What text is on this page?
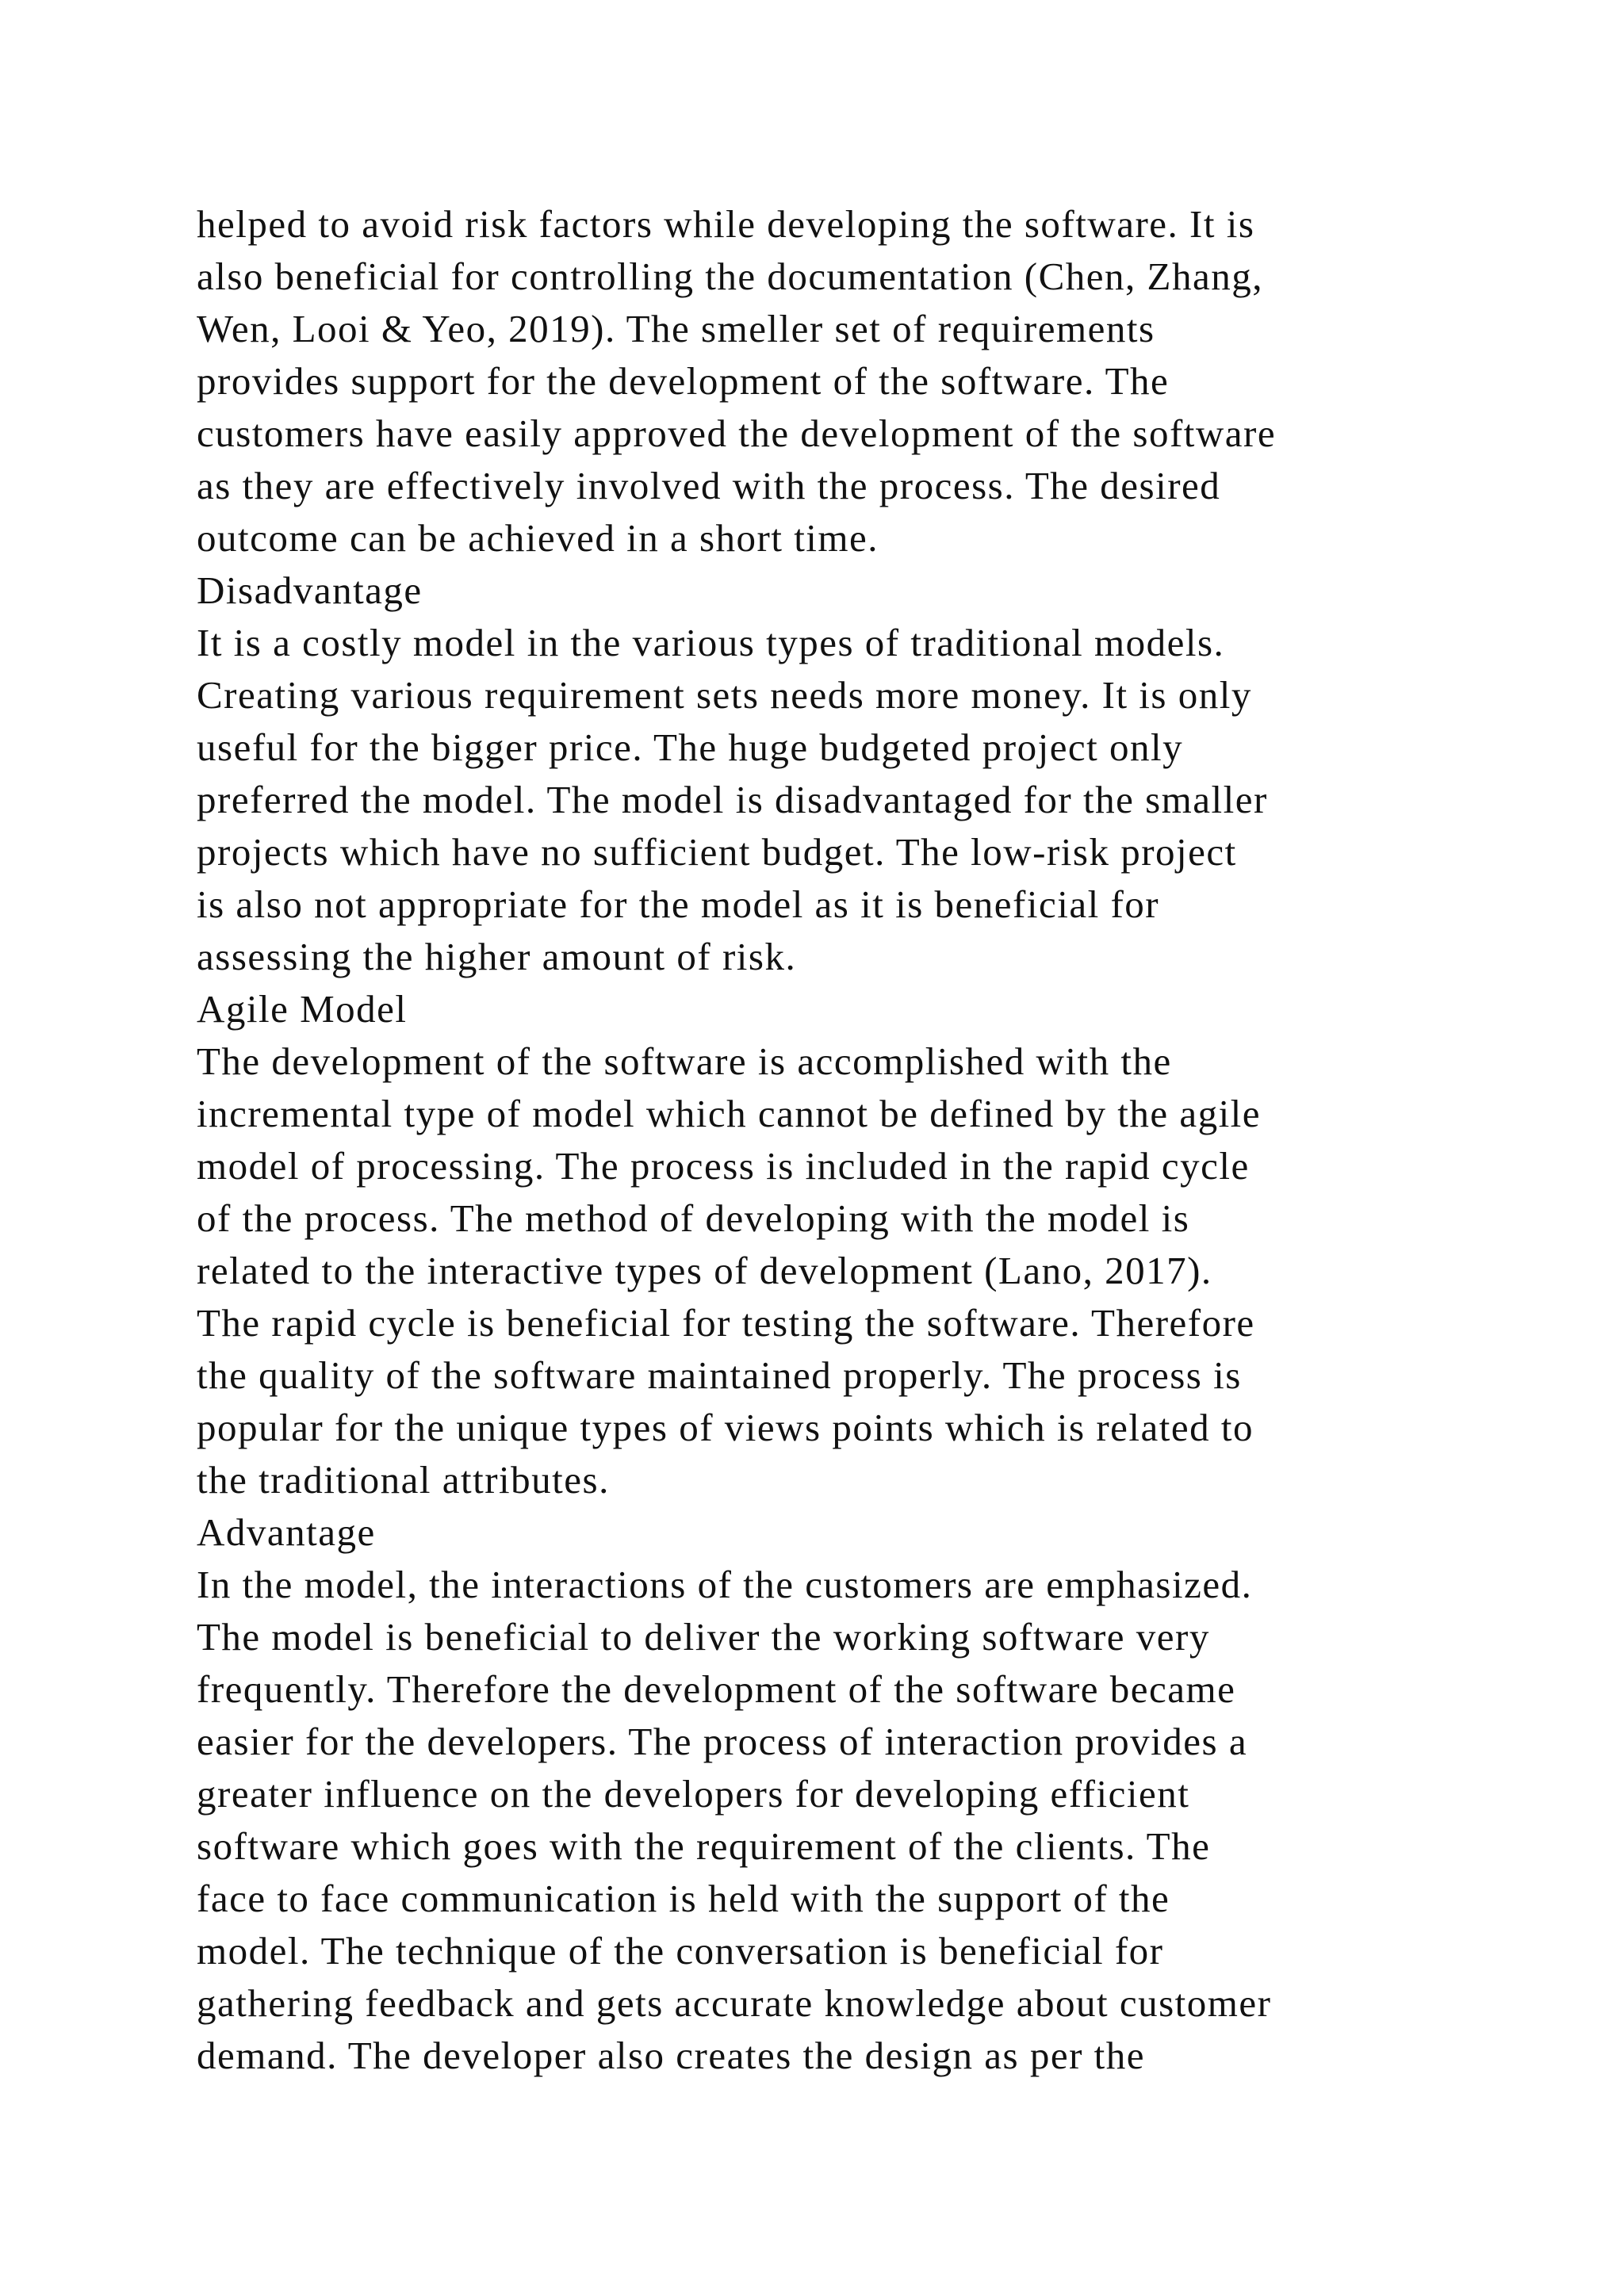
helped to avoid risk factors while developing the software. It is
also beneficial for controlling the documentation (Chen, Zhang,
Wen, Looi & Yeo, 2019). The smeller set of requirements
provides support for the development of the software. The
customers have easily approved the development of the software
as they are effectively involved with the process. The desired
outcome can be achieved in a short time.
Disadvantage
It is a costly model in the various types of traditional models.
Creating various requirement sets needs more money. It is only
useful for the bigger price. The huge budgeted project only
preferred the model. The model is disadvantaged for the smaller
projects which have no sufficient budget. The low-risk project
is also not appropriate for the model as it is beneficial for
assessing the higher amount of risk.
Agile Model
The development of the software is accomplished with the
incremental type of model which cannot be defined by the agile
model of processing. The process is included in the rapid cycle
of the process. The method of developing with the model is
related to the interactive types of development (Lano, 2017).
The rapid cycle is beneficial for testing the software. Therefore
the quality of the software maintained properly. The process is
popular for the unique types of views points which is related to
the traditional attributes.
Advantage
In the model, the interactions of the customers are emphasized.
The model is beneficial to deliver the working software very
frequently. Therefore the development of the software became
easier for the developers. The process of interaction provides a
greater influence on the developers for developing efficient
software which goes with the requirement of the clients. The
face to face communication is held with the support of the
model. The technique of the conversation is beneficial for
gathering feedback and gets accurate knowledge about customer
demand. The developer also creates the design as per the
